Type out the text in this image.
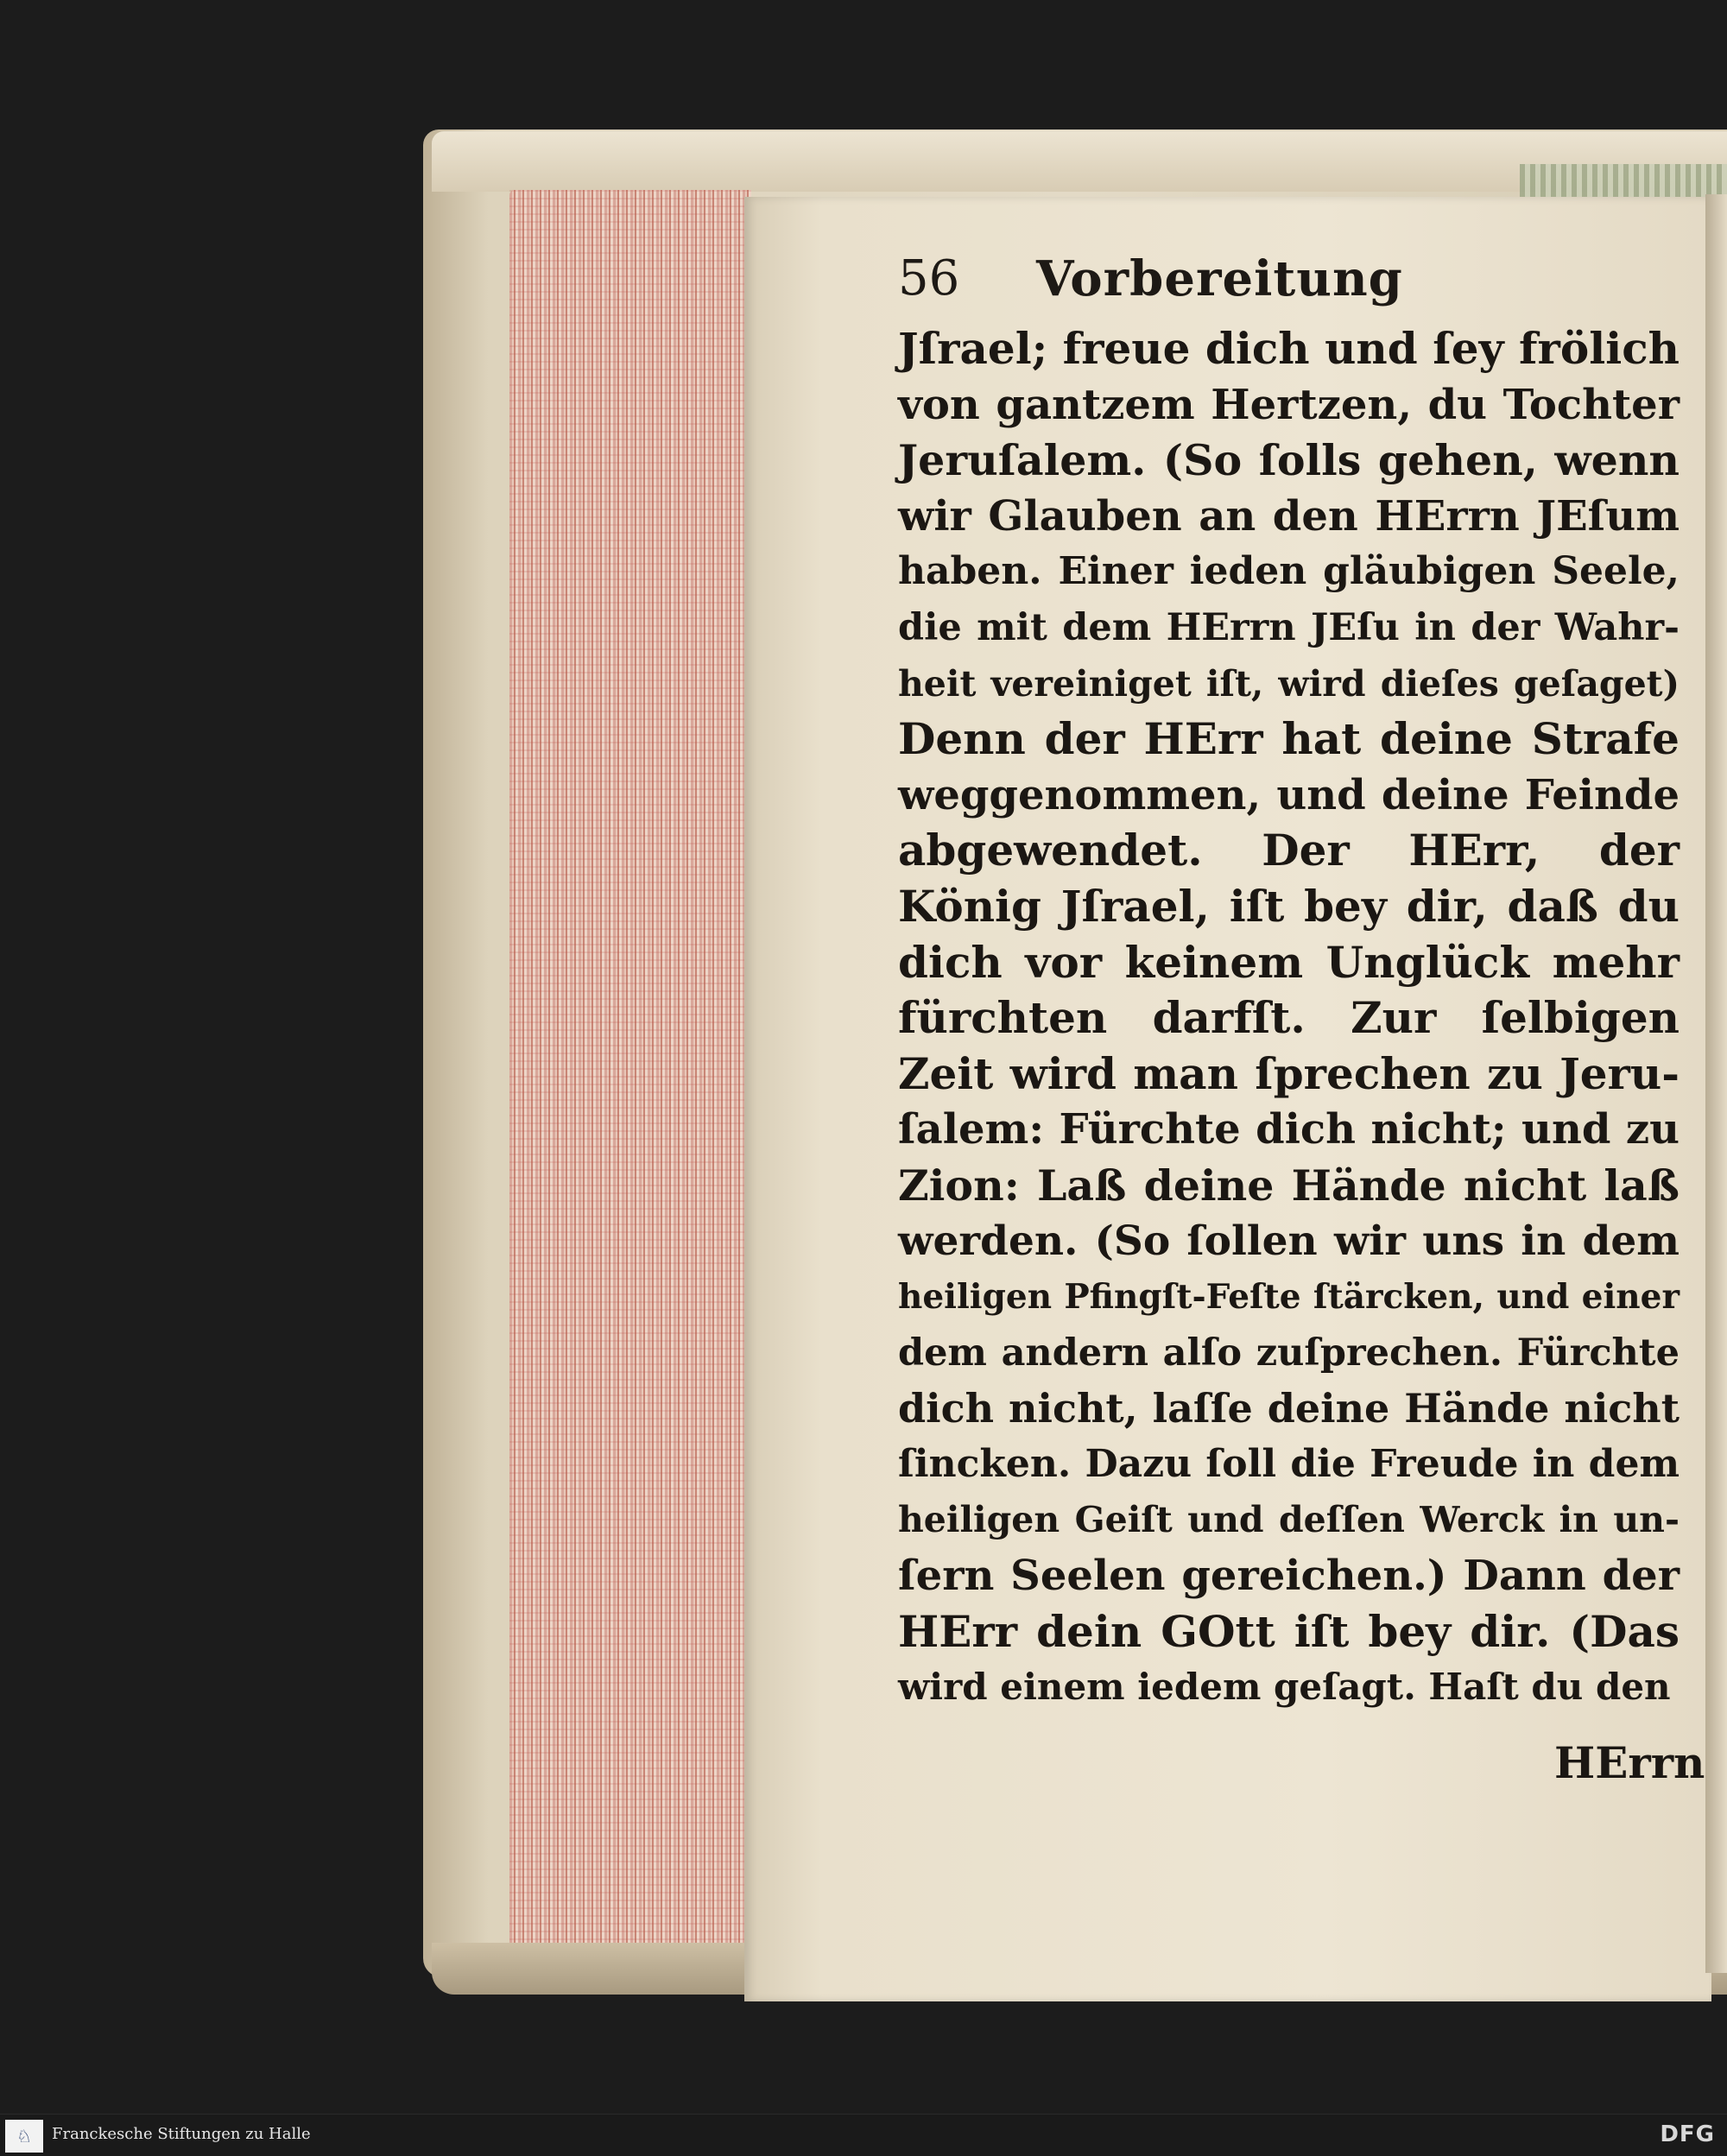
56 Vorbereitung
Jſrael; freue dich und ſey frölich
von gantzem Hertzen, du Tochter
Jeruſalem. (So ſolls gehen, wenn
wir Glauben an den HErrn JEſum
haben. Einer ieden gläubigen Seele,
die mit dem HErrn JEſu in der Wahr-
heit vereiniget iſt, wird dieſes geſaget)
Denn der HErr hat deine Strafe
weggenommen, und deine Feinde
abgewendet. Der HErr, der
König Jſrael, iſt bey dir, daß du
dich vor keinem Unglück mehr
fürchten darfſt. Zur ſelbigen
Zeit wird man ſprechen zu Jeru-
ſalem: Fürchte dich nicht; und zu
Zion: Laß deine Hände nicht laß
werden. (So ſollen wir uns in dem
heiligen Pfingſt-Feſte ſtärcken, und einer
dem andern alſo zuſprechen. Fürchte
dich nicht, laſſe deine Hände nicht
ſincken. Dazu ſoll die Freude in dem
heiligen Geiſt und deſſen Werck in un-
ſern Seelen gereichen.) Dann der
HErr dein GOtt iſt bey dir. (Das
wird einem iedem geſagt. Haſt du den
HErrn
♘	Franckesche Stiftungen zu Halle	DFG
